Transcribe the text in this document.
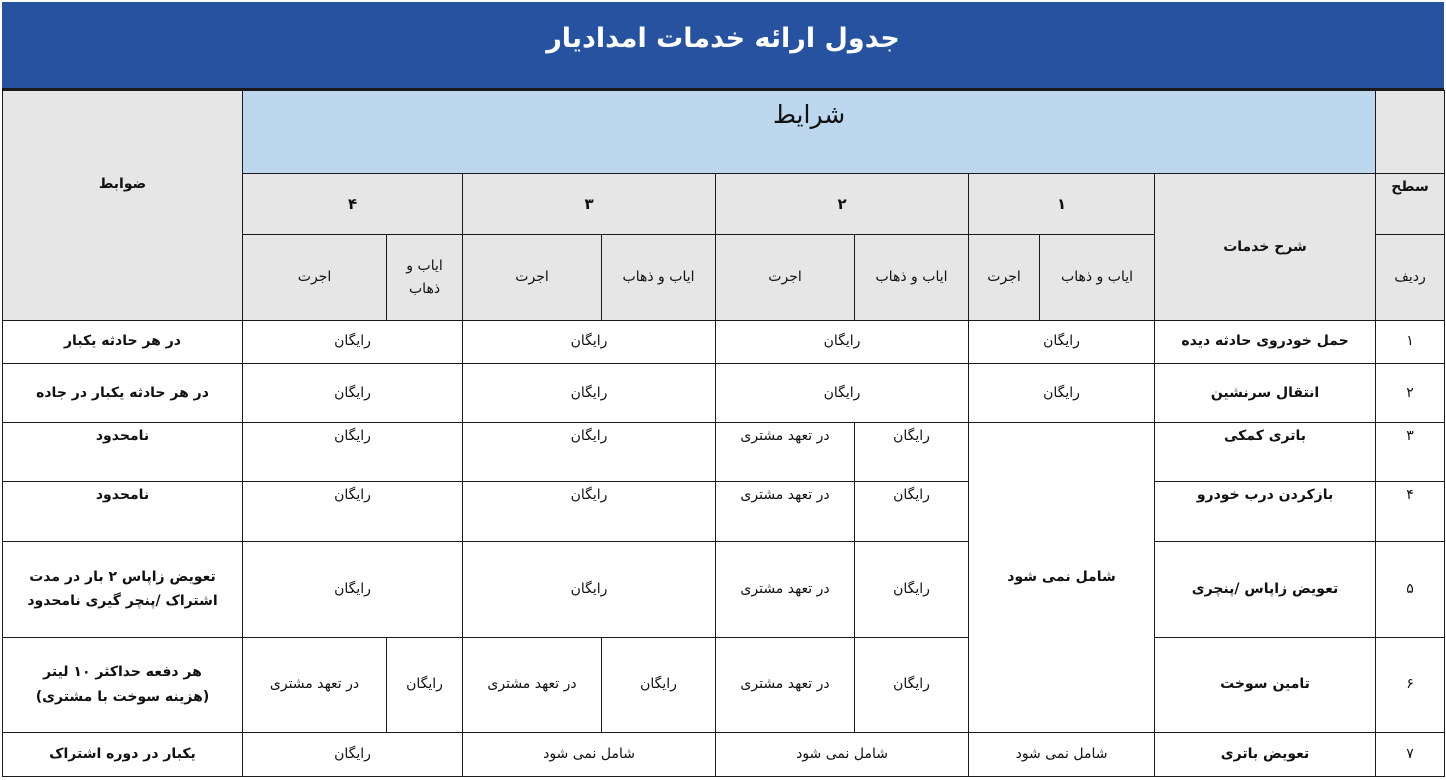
جدول ارائه خدمات امدادیار
	شرایط									ضوابط
سطح	شرح خدمات	۱		۲		۳		۴		
ردیف		ایاب و ذهاب	اجرت	ایاب و ذهاب	اجرت	ایاب و ذهاب	اجرت	ایاب و ذهاب	اجرت	
۱	حمل خودروی حادثه دیده	رایگان		رایگان		رایگان		رایگان		در هر حادثه یکبار
۲	انتقال سرنشین	رایگان		رایگان		رایگان		رایگان		در هر حادثه یکبار در جاده
۳	باتری کمکی	شامل نمی شود		رایگان	در تعهد مشتری	رایگان		رایگان		نامحدود
۴	بازکردن درب خودرو			رایگان	در تعهد مشتری	رایگان		رایگان		نامحدود
۵	تعویض زاپاس /پنچری			رایگان	در تعهد مشتری	رایگان		رایگان		تعویض زاپاس ۲ بار در مدت
اشتراک /پنچر گیری نامحدود

۶	تامین سوخت			رایگان	در تعهد مشتری	رایگان	در تعهد مشتری	رایگان	در تعهد مشتری	هر دفعه حداکثر ۱۰ لیتر
(هزینه سوخت با مشتری)

۷	تعویض باتری	شامل نمی شود		شامل نمی شود		شامل نمی شود		رایگان		یکبار در دوره اشتراک
